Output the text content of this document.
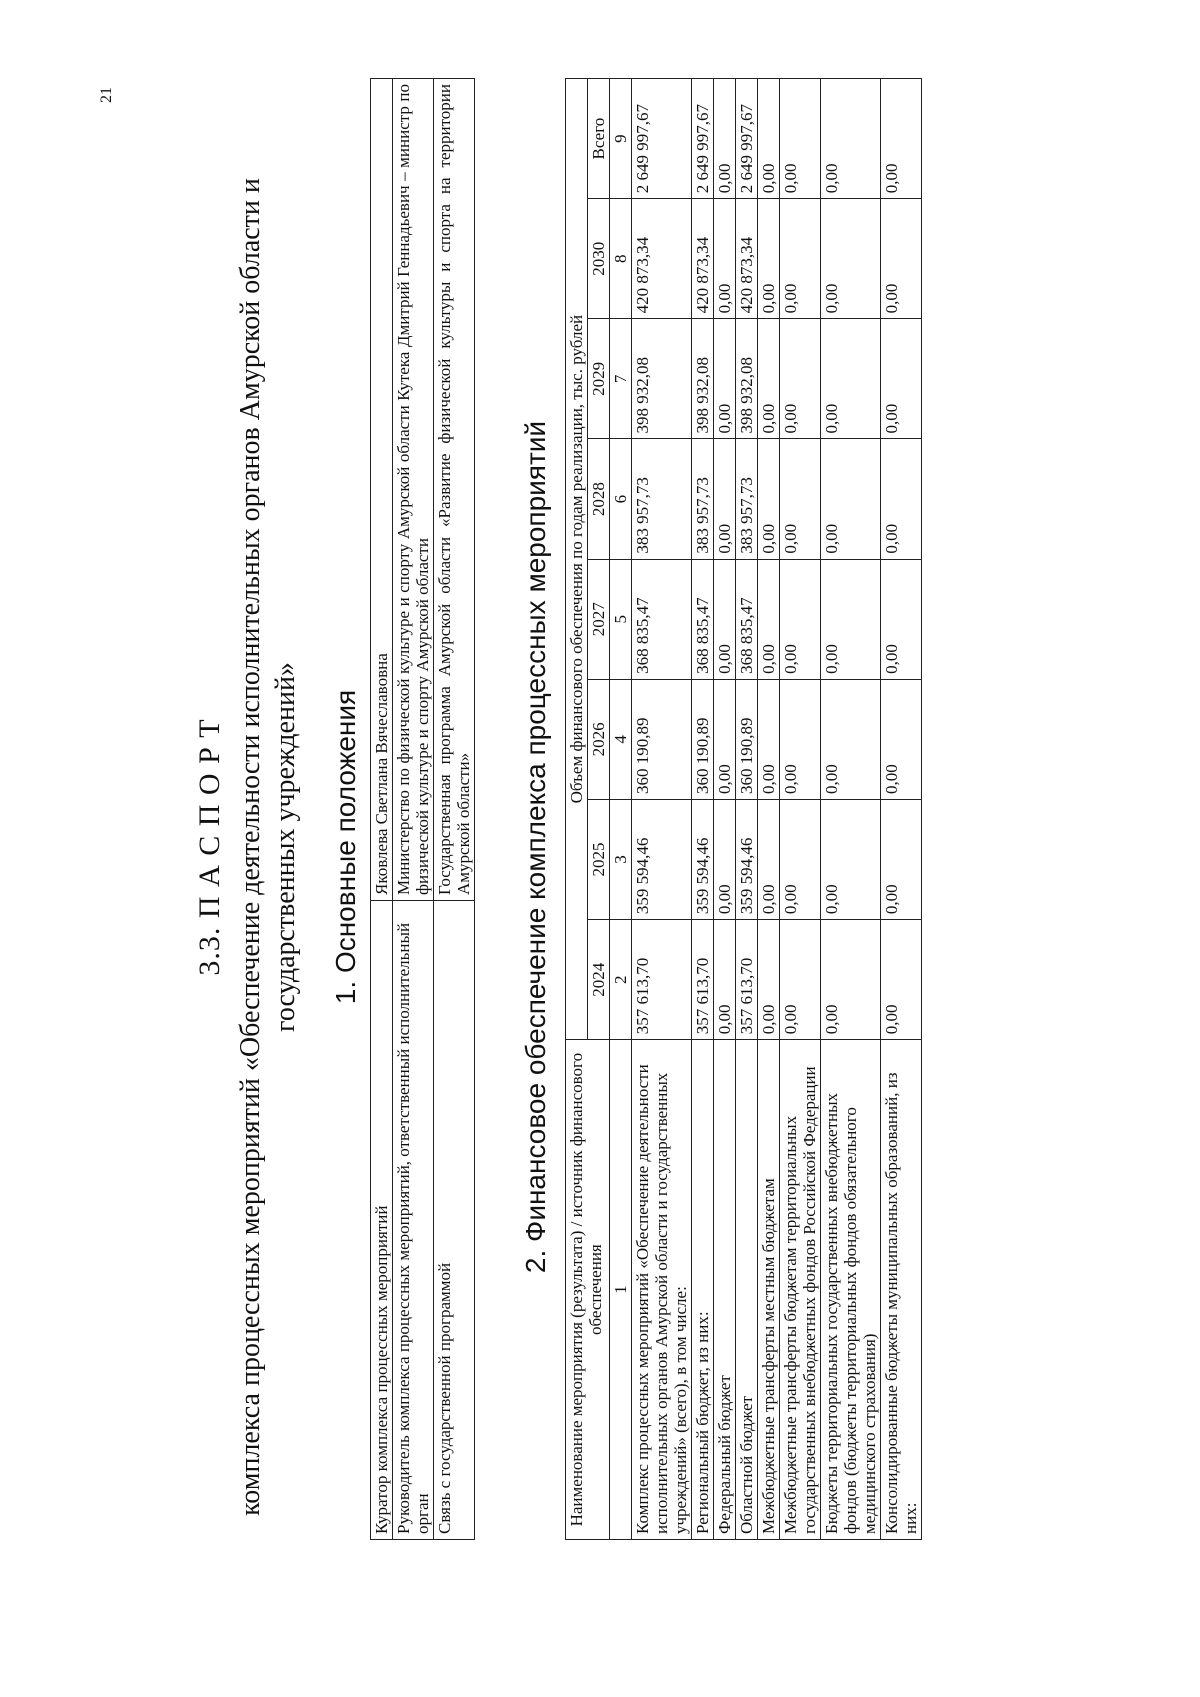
21
3.3. П А С П О Р Т комплекса процессных мероприятий «Обеспечение деятельности исполнительных органов Амурской области и государственных учреждений» 1. Основные положения
Куратор комплекса процессных мероприятий	Яковлева Светлана Вячеславовна
Руководитель комплекса процессных мероприятий, ответственный исполнительный орган	Министерство по физической культуре и спорту Амурской области Кутека Дмитрий Геннадьевич – министр по физической культуре и спорту Амурской области
Связь с государственной программой	Государственная программа Амурской области «Развитие физической культуры и спорта на территории Амурской области» 2. Финансовое обеспечение комплекса процессных мероприятий
Наименование мероприятия (результата) / источник финансового обеспечения	Объем финансового обеспечения по годам реализации, тыс. рублей							
	2024	2025	2026	2027	2028	2029	2030	Всего
1	2	3	4	5	6	7	8	9
Комплекс процессных мероприятий «Обеспечение деятельности исполнительных органов Амурской области и государственных учреждений» (всего), в том числе:	357 613,70	359 594,46	360 190,89	368 835,47	383 957,73	398 932,08	420 873,34	2 649 997,67
Региональный бюджет, из них:	357 613,70	359 594,46	360 190,89	368 835,47	383 957,73	398 932,08	420 873,34	2 649 997,67
Федеральный бюджет	0,00	0,00	0,00	0,00	0,00	0,00	0,00	0,00
Областной бюджет	357 613,70	359 594,46	360 190,89	368 835,47	383 957,73	398 932,08	420 873,34	2 649 997,67
Межбюджетные трансферты местным бюджетам	0,00	0,00	0,00	0,00	0,00	0,00	0,00	0,00
Межбюджетные трансферты бюджетам территориальных государственных внебюджетных фондов Российской Федерации	0,00	0,00	0,00	0,00	0,00	0,00	0,00	0,00
Бюджеты территориальных государственных внебюджетных фондов (бюджеты территориальных фондов обязательного медицинского страхования)	0,00	0,00	0,00	0,00	0,00	0,00	0,00	0,00
Консолидированные бюджеты муниципальных образований, из них:	0,00	0,00	0,00	0,00	0,00	0,00	0,00	0,00
